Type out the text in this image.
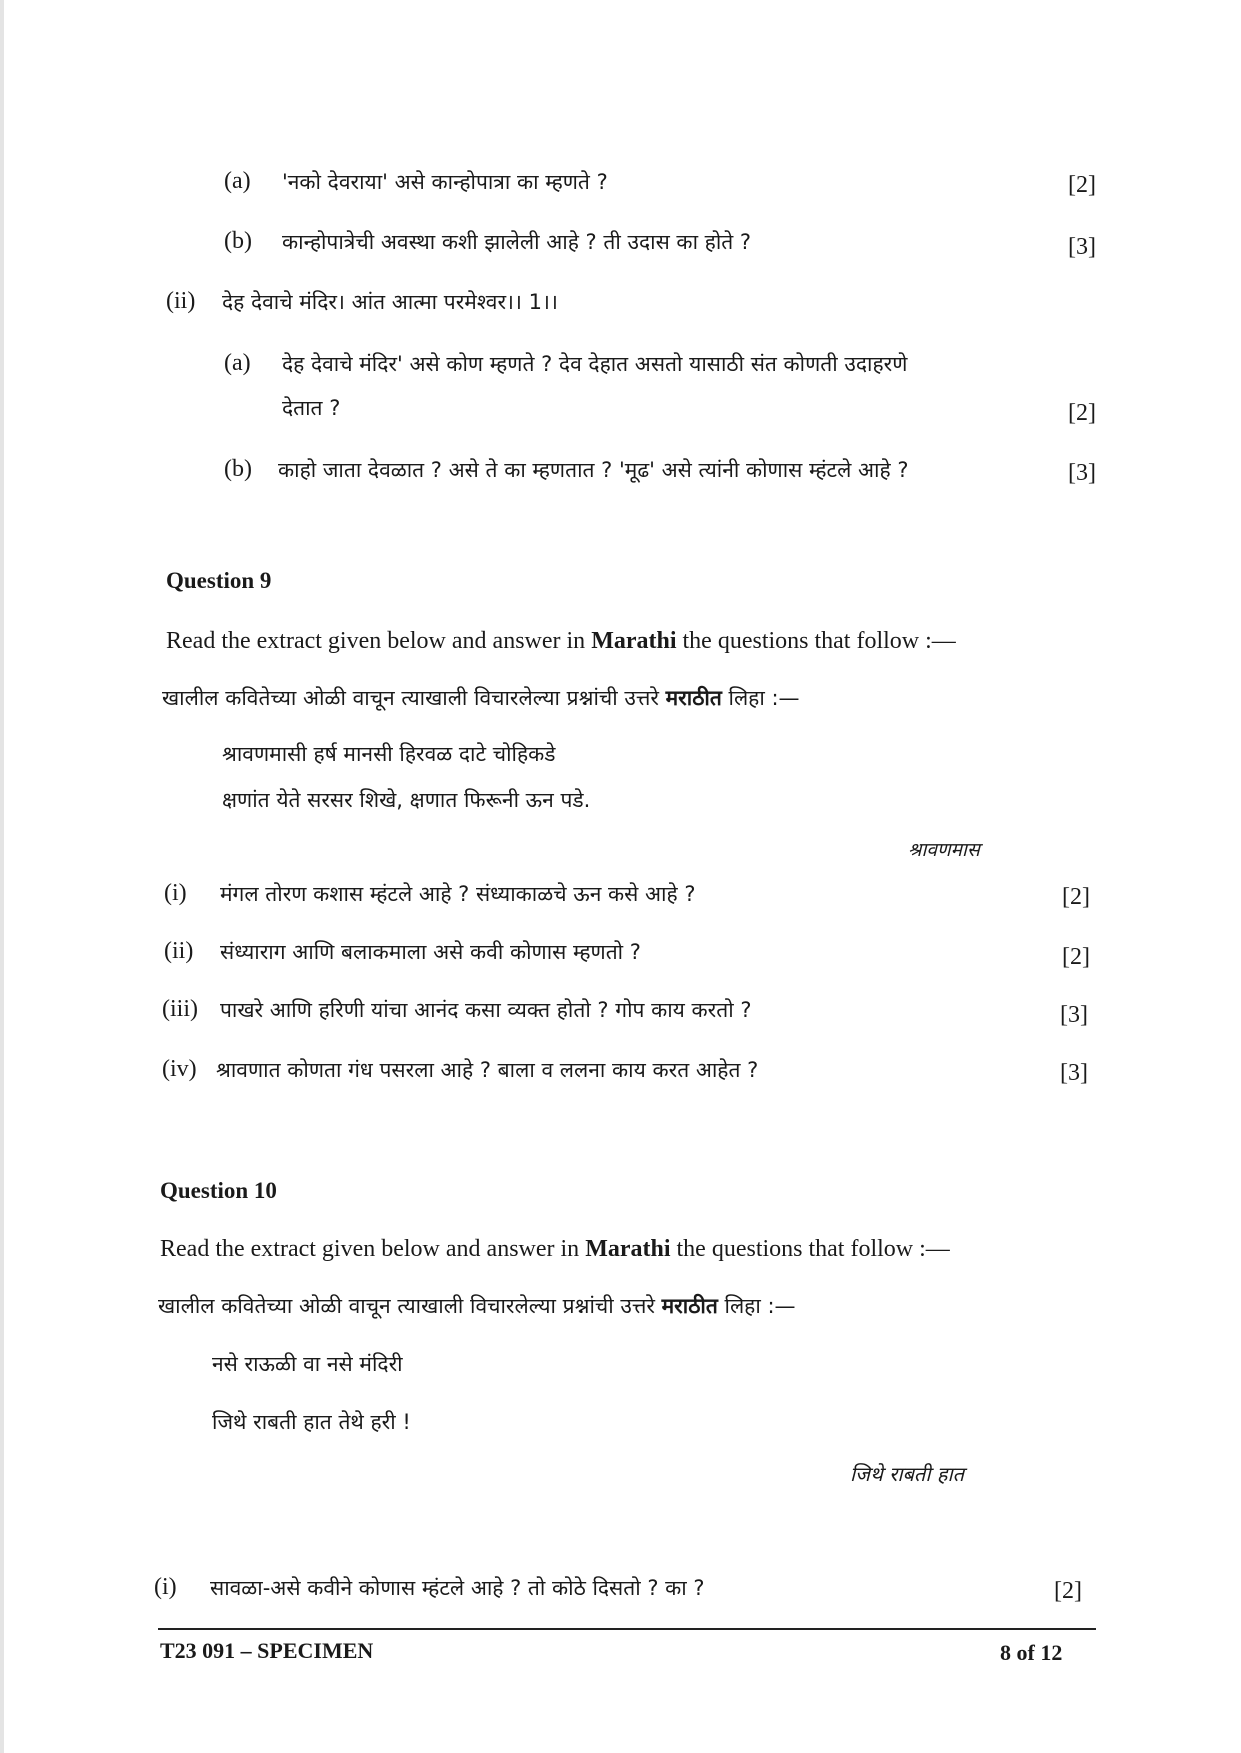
(a) 'नको देवराया' असे कान्होपात्रा का म्हणते ?	[2]
(b) कान्होपात्रेची अवस्था कशी झालेली आहे ? ती उदास का होते ?	[3]
(ii) देह देवाचे मंदिर। आंत आत्मा परमेश्वर।। 1।।
(a) देह देवाचे मंदिर' असे कोण म्हणते ? देव देहात असतो यासाठी संत कोणती उदाहरणे
देतात ?	[2]
(b) काहो जाता देवळात ? असे ते का म्हणतात ? 'मूढ' असे त्यांनी कोणास म्हंटले आहे ?	[3]
Question 9
Read the extract given below and answer in Marathi the questions that follow :—
खालील कवितेच्या ओळी वाचून त्याखाली विचारलेल्या प्रश्नांची उत्तरे मराठीत लिहा :—
श्रावणमासी हर्ष मानसी हिरवळ दाटे चोहिकडे
क्षणांत येते सरसर शिखे, क्षणात फिरूनी ऊन पडे.
श्रावणमास
(i) मंगल तोरण कशास म्हंटले आहे ? संध्याकाळचे ऊन कसे आहे ?	[2]
(ii) संध्याराग आणि बलाकमाला असे कवी कोणास म्हणतो ?	[2]
(iii) पाखरे आणि हरिणी यांचा आनंद कसा व्यक्त होतो ? गोप काय करतो ?	[3]
(iv) श्रावणात कोणता गंध पसरला आहे ? बाला व ललना काय करत आहेत ?	[3]
Question 10
Read the extract given below and answer in Marathi the questions that follow :—
खालील कवितेच्या ओळी वाचून त्याखाली विचारलेल्या प्रश्नांची उत्तरे मराठीत लिहा :—
नसे राऊळी वा नसे मंदिरी
जिथे राबती हात तेथे हरी !
जिथे राबती हात
(i) सावळा-असे कवीने कोणास म्हंटले आहे ? तो कोठे दिसतो ? का ?	[2]
T23 091 – SPECIMEN	8 of 12
